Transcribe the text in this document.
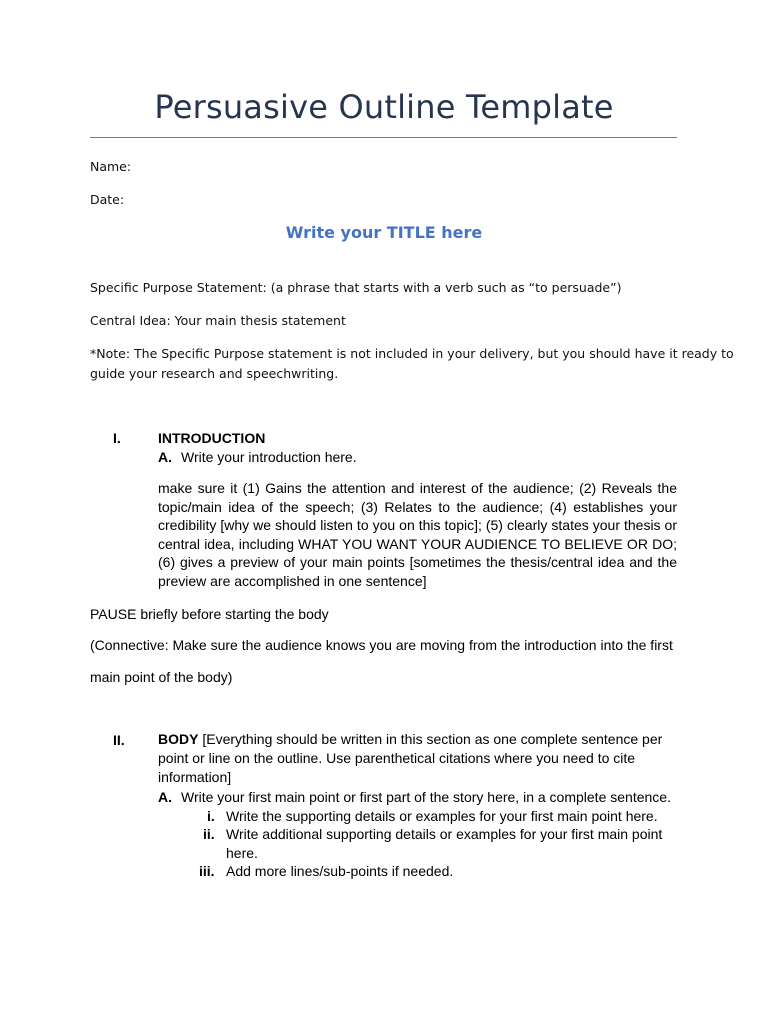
Persuasive Outline Template
Name:
Date:
Write your TITLE here
Specific Purpose Statement: (a phrase that starts with a verb such as “to persuade”)
Central Idea: Your main thesis statement
*Note: The Specific Purpose statement is not included in your delivery, but you should have it ready to
guide your research and speechwriting.
I.	INTRODUCTION
A. Write your introduction here.
make sure it (1) Gains the attention and interest of the audience; (2) Reveals the topic/main idea of the speech; (3) Relates to the audience; (4) establishes your credibility [why we should listen to you on this topic]; (5) clearly states your thesis or central idea, including WHAT YOU WANT YOUR AUDIENCE TO BELIEVE OR DO; (6) gives a preview of your main points [sometimes the thesis/central idea and the preview are accomplished in one sentence]
PAUSE briefly before starting the body
(Connective: Make sure the audience knows you are moving from the introduction into the first
main point of the body)
II. BODY [Everything should be written in this section as one complete sentence per point or line on the outline. Use parenthetical citations where you need to cite information]
A. Write your first main point or first part of the story here, in a complete sentence.
i. Write the supporting details or examples for your first main point here.
ii. Write additional supporting details or examples for your first main point
here.
iii. Add more lines/sub-points if needed.
